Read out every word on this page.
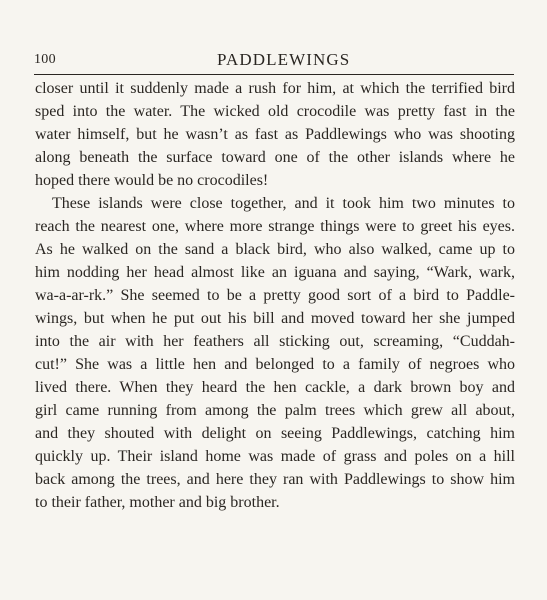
100	PADDLEWINGS
closer until it suddenly made a rush for him, at which the terrified bird
sped into the water. The wicked old crocodile was pretty fast in the
water himself, but he wasn’t as fast as Paddlewings who was shooting
along beneath the surface toward one of the other islands where he
hoped there would be no crocodiles!
These islands were close together, and it took him two minutes to
reach the nearest one, where more strange things were to greet his eyes.
As he walked on the sand a black bird, who also walked, came up to
him nodding her head almost like an iguana and saying, “Wark, wark,
wa-a-ar-rk.” She seemed to be a pretty good sort of a bird to Paddle-
wings, but when he put out his bill and moved toward her she jumped
into the air with her feathers all sticking out, screaming, “Cuddah-
cut!” She was a little hen and belonged to a family of negroes who
lived there. When they heard the hen cackle, a dark brown boy and
girl came running from among the palm trees which grew all about,
and they shouted with delight on seeing Paddlewings, catching him
quickly up. Their island home was made of grass and poles on a hill
back among the trees, and here they ran with Paddlewings to show him
to their father, mother and big brother.
